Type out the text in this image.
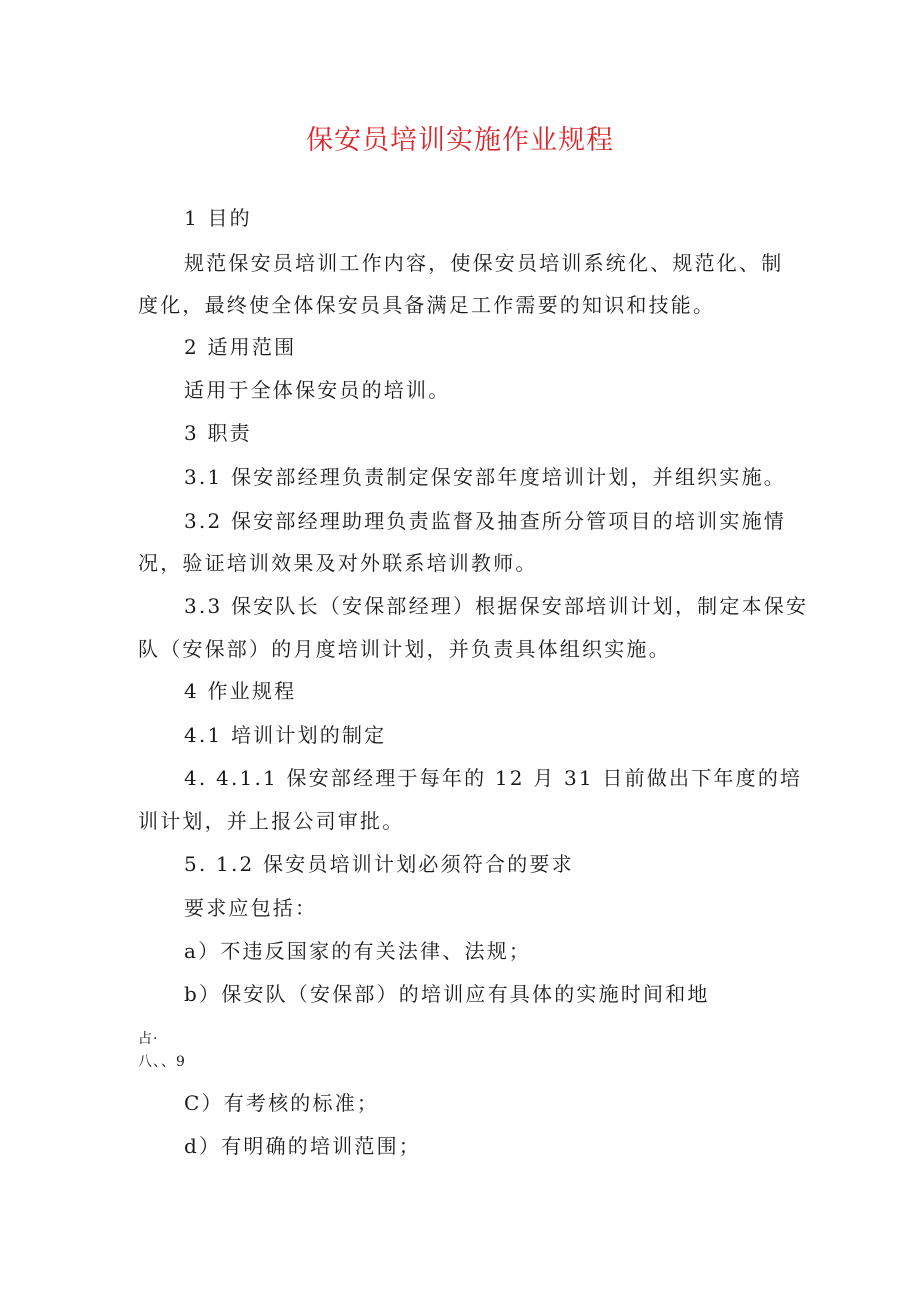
保安员培训实施作业规程
1 目的
规范保安员培训工作内容，使保安员培训系统化、规范化、制
度化，最终使全体保安员具备满足工作需要的知识和技能。
2 适用范围
适用于全体保安员的培训。
3 职责
3.1 保安部经理负责制定保安部年度培训计划，并组织实施。
3.2 保安部经理助理负责监督及抽查所分管项目的培训实施情
况，验证培训效果及对外联系培训教师。
3.3 保安队长（安保部经理）根据保安部培训计划，制定本保安
队（安保部）的月度培训计划，并负责具体组织实施。
4 作业规程
4.1 培训计划的制定
4. 4.1.1 保安部经理于每年的 12 月 31 日前做出下年度的培
训计划，并上报公司审批。
5. 1.2 保安员培训计划必须符合的要求
要求应包括：
a）不违反国家的有关法律、法规；
b）保安队（安保部）的培训应有具体的实施时间和地
占·
八、、9
C）有考核的标准；
d）有明确的培训范围；
